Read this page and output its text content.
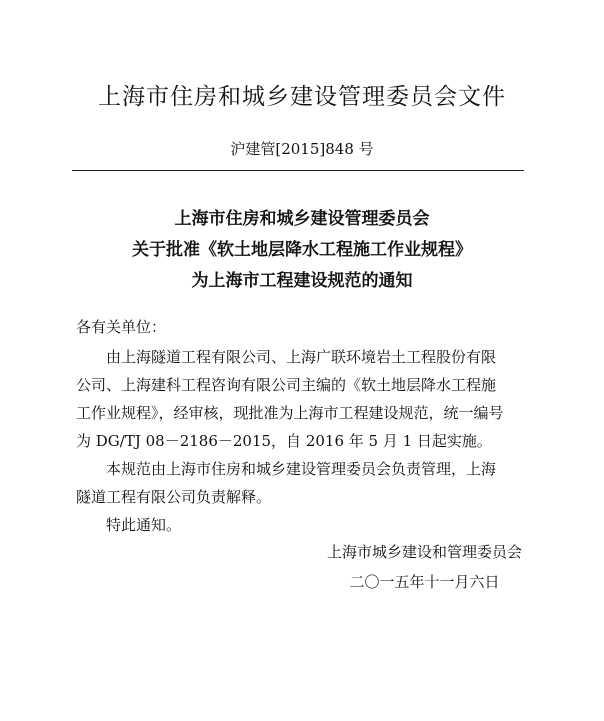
上海市住房和城乡建设管理委员会文件
沪建管[2015]848 号
上海市住房和城乡建设管理委员会
关于批准《软土地层降水工程施工作业规程》
为上海市工程建设规范的通知
各有关单位：
由上海隧道工程有限公司、上海广联环境岩土工程股份有限
公司、上海建科工程咨询有限公司主编的《软土地层降水工程施
工作业规程》，经审核，现批准为上海市工程建设规范，统一编号
为 DG/TJ 08－2186－2015，自 2016 年 5 月 1 日起实施。
本规范由上海市住房和城乡建设管理委员会负责管理，上海
隧道工程有限公司负责解释。
特此通知。
上海市城乡建设和管理委员会
二〇一五年十一月六日
